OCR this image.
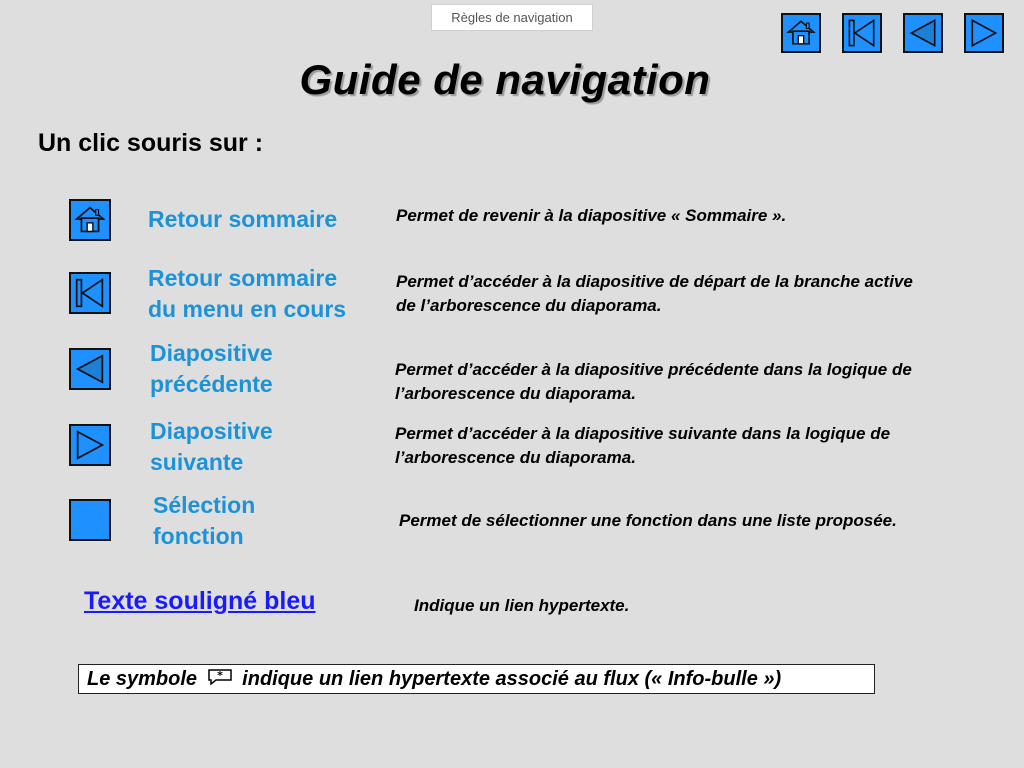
Règles de navigation
Guide de navigation
Un clic souris sur :
Retour sommaire	Permet de revenir à la diapositive « Sommaire ».
Retour sommaire
du menu en cours
Permet d’accéder à la diapositive de départ de la branche active
de l’arborescence du diaporama.
Diapositive
précédente
Permet d’accéder à la diapositive précédente dans la logique de
l’arborescence du diaporama.
Diapositive
suivante
Permet d’accéder à la diapositive suivante dans la logique de
l’arborescence du diaporama.
Sélection
fonction
Permet de sélectionner une fonction dans une liste proposée.
Texte souligné bleu	Indique un lien hypertexte.
Le symbole * indique un lien hypertexte associé au flux (« Info-bulle »)
